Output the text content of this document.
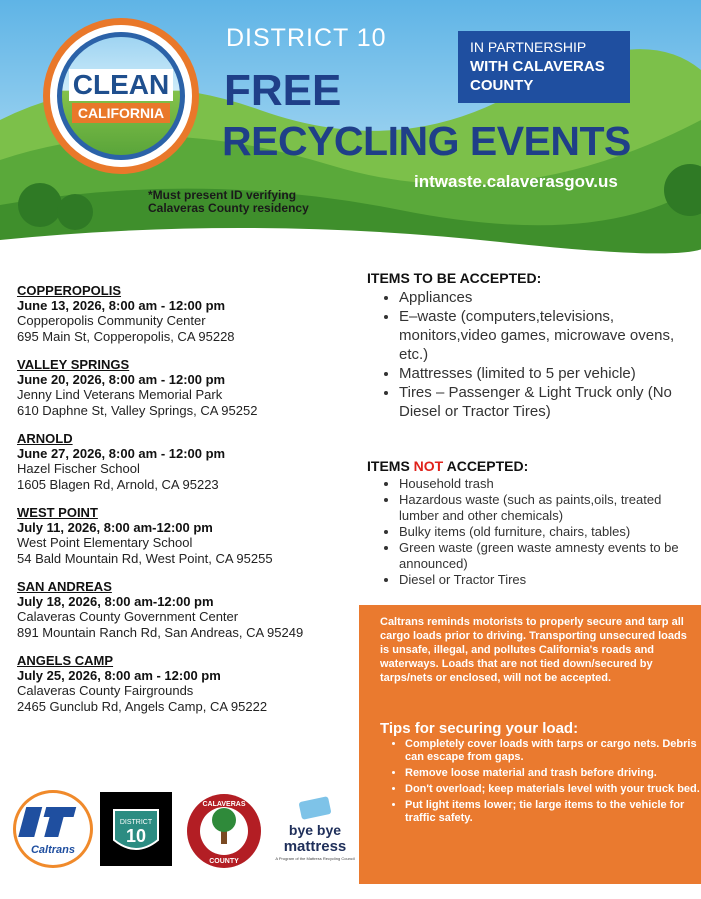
CLEAN
CALIFORNIA
DISTRICT 10
FREE
RECYCLING EVENTS
IN PARTNERSHIP
WITH CALAVERAS
COUNTY
intwaste.calaverasgov.us
*Must present ID verifying
Calaveras County residency
COPPEROPOLIS
June 13, 2026, 8:00 am - 12:00 pm
Copperopolis Community Center
695 Main St, Copperopolis, CA 95228
VALLEY SPRINGS
June 20, 2026, 8:00 am - 12:00 pm
Jenny Lind Veterans Memorial Park
610 Daphne St, Valley Springs, CA 95252
ARNOLD
June 27, 2026, 8:00 am - 12:00 pm
Hazel Fischer School
1605 Blagen Rd, Arnold, CA 95223
WEST POINT
July 11, 2026, 8:00 am-12:00 pm
West Point Elementary School
54 Bald Mountain Rd, West Point, CA 95255
SAN ANDREAS
July 18, 2026, 8:00 am-12:00 pm
Calaveras County Government Center
891 Mountain Ranch Rd, San Andreas, CA 95249
ANGELS CAMP
July 25, 2026, 8:00 am - 12:00 pm
Calaveras County Fairgrounds
2465 Gunclub Rd, Angels Camp, CA 95222
ITEMS TO BE ACCEPTED:
• Appliances
• E–waste (computers,televisions, monitors,video games, microwave ovens, etc.)
• Mattresses (limited to 5 per vehicle)
• Tires – Passenger & Light Truck only (No Diesel or Tractor Tires)
ITEMS NOT ACCEPTED:
• Household trash
• Hazardous waste (such as paints,oils, treated lumber and other chemicals)
• Bulky items (old furniture, chairs, tables)
• Green waste (green waste amnesty events to be announced)
• Diesel or Tractor Tires
Caltrans reminds motorists to properly secure and tarp all cargo loads prior to driving. Transporting unsecured loads is unsafe, illegal, and pollutes California's roads and waterways. Loads that are not tied down/secured by tarps/nets or enclosed, will not be accepted.
Tips for securing your load:
• Completely cover loads with tarps or cargo nets. Debris can escape from gaps.
• Remove loose material and trash before driving.
• Don't overload; keep materials level with your truck bed.
• Put light items lower; tie large items to the vehicle for traffic safety.
Caltrans
DISTRICT
10
CALAVERAS
COUNTY
bye bye
mattress
A Program of the Mattress Recycling Council
